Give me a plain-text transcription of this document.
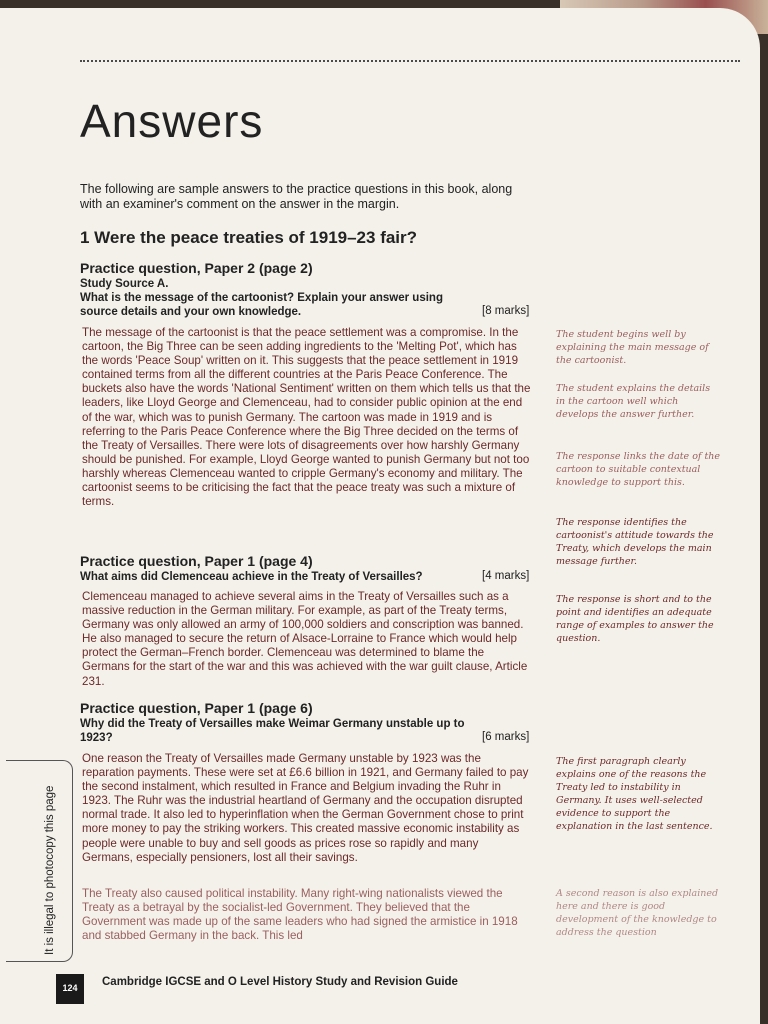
Answers

The following are sample answers to the practice questions in this book, along with an examiner's comment on the answer in the margin.

1 Were the peace treaties of 1919–23 fair?
Practice question, Paper 2 (page 2)
Study Source A.
What is the message of the cartoonist? Explain your answer using source details and your own knowledge.	[8 marks]

The message of the cartoonist is that the peace settlement was a compromise. In the cartoon, the Big Three can be seen adding ingredients to the 'Melting Pot', which has the words 'Peace Soup' written on it. This suggests that the peace settlement in 1919 contained terms from all the different countries at the Paris Peace Conference. The buckets also have the words 'National Sentiment' written on them which tells us that the leaders, like Lloyd George and Clemenceau, had to consider public opinion at the end of the war, which was to punish Germany. The cartoon was made in 1919 and is referring to the Paris Peace Conference where the Big Three decided on the terms of the Treaty of Versailles. There were lots of disagreements over how harshly Germany should be punished. For example, Lloyd George wanted to punish Germany but not too harshly whereas Clemenceau wanted to cripple Germany's economy and military. The cartoonist seems to be criticising the fact that the peace treaty was such a mixture of terms.

The student begins well by explaining the main message of the cartoonist.

The student explains the details in the cartoon well which develops the answer further.

The response links the date of the cartoon to suitable contextual knowledge to support this.

The response identifies the cartoonist's attitude towards the Treaty, which develops the main message further.

Practice question, Paper 1 (page 4)
What aims did Clemenceau achieve in the Treaty of Versailles?	[4 marks]

Clemenceau managed to achieve several aims in the Treaty of Versailles such as a massive reduction in the German military. For example, as part of the Treaty terms, Germany was only allowed an army of 100,000 soldiers and conscription was banned. He also managed to secure the return of Alsace-Lorraine to France which would help protect the German–French border. Clemenceau was determined to blame the Germans for the start of the war and this was achieved with the war guilt clause, Article 231.

The response is short and to the point and identifies an adequate range of examples to answer the question.

Practice question, Paper 1 (page 6)
Why did the Treaty of Versailles make Weimar Germany unstable up to 1923?	[6 marks]

One reason the Treaty of Versailles made Germany unstable by 1923 was the reparation payments. These were set at £6.6 billion in 1921, and Germany failed to pay the second instalment, which resulted in France and Belgium invading the Ruhr in 1923. The Ruhr was the industrial heartland of Germany and the occupation disrupted normal trade. It also led to hyperinflation when the German Government chose to print more money to pay the striking workers. This created massive economic instability as people were unable to buy and sell goods as prices rose so rapidly and many Germans, especially pensioners, lost all their savings.

The Treaty also caused political instability. Many right-wing nationalists viewed the Treaty as a betrayal by the socialist-led Government. They believed that the Government was made up of the same leaders who had signed the armistice in 1918 and stabbed Germany in the back. This led

The first paragraph clearly explains one of the reasons the Treaty led to instability in Germany. It uses well-selected evidence to support the explanation in the last sentence.

A second reason is also explained here and there is good development of the knowledge to address the question

It is illegal to photocopy this page
124	Cambridge IGCSE and O Level History Study and Revision Guide
